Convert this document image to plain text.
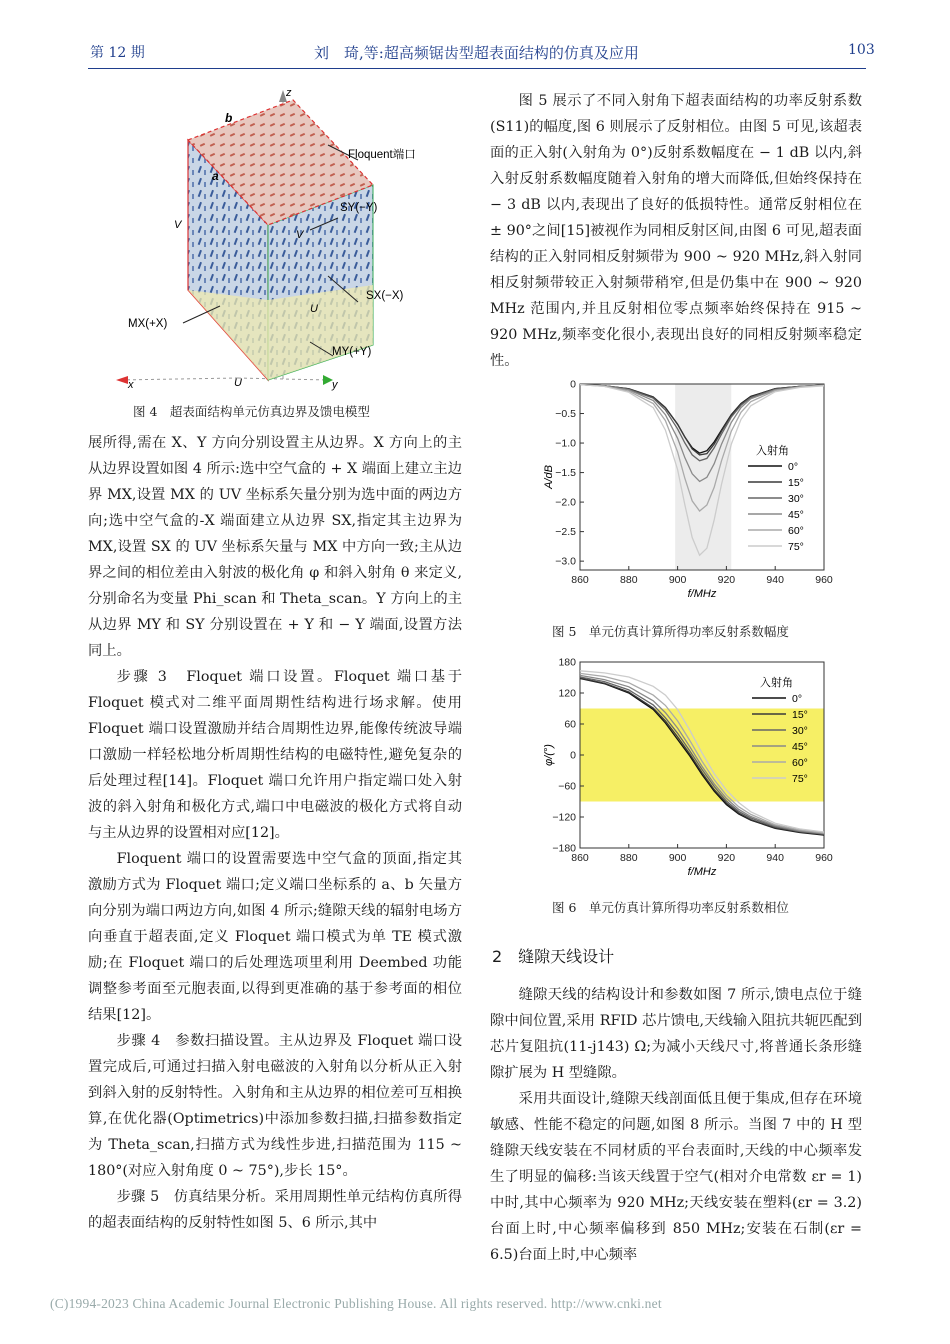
第 12 期	刘　琦,等:超高频锯齿型超表面结构的仿真及应用	103
z
b
a
Floquent端口
V
V
SY(−Y)
SX(−X)
MX(+X)
MY(+Y)
U
U
x	y
图 4　超表面结构单元仿真边界及馈电模型

展所得,需在 X、Y 方向分别设置主从边界。X 方向上的主从边界设置如图 4 所示:选中空气盒的 + X 端面上建立主边界 MX,设置 MX 的 UV 坐标系矢量分别为选中面的两边方向;选中空气盒的-X 端面建立从边界 SX,指定其主边界为 MX,设置 SX 的 UV 坐标系矢量与 MX 中方向一致;主从边界之间的相位差由入射波的极化角 φ 和斜入射角 θ 来定义,分别命名为变量 Phi_scan 和 Theta_scan。Y 方向上的主从边界 MY 和 SY 分别设置在 + Y 和 − Y 端面,设置方法同上。

步骤 3　Floquet 端口设置。Floquet 端口基于 Floquet 模式对二维平面周期性结构进行场求解。使用 Floquet 端口设置激励并结合周期性边界,能像传统波导端口激励一样轻松地分析周期性结构的电磁特性,避免复杂的后处理过程[14]。Floquet 端口允许用户指定端口处入射波的斜入射角和极化方式,端口中电磁波的极化方式将自动与主从边界的设置相对应[12]。

Floquent 端口的设置需要选中空气盒的顶面,指定其激励方式为 Floquet 端口;定义端口坐标系的 a、b 矢量方向分别为端口两边方向,如图 4 所示;缝隙天线的辐射电场方向垂直于超表面,定义 Floquet 端口模式为单 TE 模式激励;在 Floquet 端口的后处理选项里利用 Deembed 功能调整参考面至元胞表面,以得到更准确的基于参考面的相位结果[12]。

步骤 4　参数扫描设置。主从边界及 Floquet 端口设置完成后,可通过扫描入射电磁波的入射角以分析从正入射到斜入射的反射特性。入射角和主从边界的相位差可互相换算,在优化器(Optimetrics)中添加参数扫描,扫描参数指定为 Theta_scan,扫描方式为线性步进,扫描范围为 115 ~ 180°(对应入射角度 0 ~ 75°),步长 15°。

步骤 5　仿真结果分析。采用周期性单元结构仿真所得的超表面结构的反射特性如图 5、6 所示,其中

图 5 展示了不同入射角下超表面结构的功率反射系数(S11)的幅度,图 6 则展示了反射相位。由图 5 可见,该超表面的正入射(入射角为 0°)反射系数幅度在 − 1 dB 以内,斜入射反射系数幅度随着入射角的增大而降低,但始终保持在 − 3 dB 以内,表现出了良好的低损特性。通常反射相位在 ± 90°之间[15]被视作为同相反射区间,由图 6 可见,超表面结构的正入射同相反射频带为 900 ~ 920 MHz,斜入射同相反射频带较正入射频带稍窄,但是仍集中在 900 ~ 920 MHz 范围内,并且反射相位零点频率始终保持在 915 ~ 920 MHz,频率变化很小,表现出良好的同相反射频率稳定性。

860	880	900	920	940	960
0
−0.5
−1.0
−1.5
−2.0
−2.5
−3.0
f/MHz
A/dB
入射角
0°
15°
30°
45°
60°
75°
图 5　单元仿真计算所得功率反射系数幅度
860	880	900	920	940	960
180
120
60
0
−60
−120
−180
f/MHz
φ/(°)
入射角
0°
15°
30°
45°
60°
75°
图 6　单元仿真计算所得功率反射系数相位
2　缝隙天线设计

缝隙天线的结构设计和参数如图 7 所示,馈电点位于缝隙中间位置,采用 RFID 芯片馈电,天线输入阻抗共轭匹配到芯片复阻抗(11-j143) Ω;为减小天线尺寸,将普通长条形缝隙扩展为 H 型缝隙。

采用共面设计,缝隙天线剖面低且便于集成,但存在环境敏感、性能不稳定的问题,如图 8 所示。当图 7 中的 H 型缝隙天线安装在不同材质的平台表面时,天线的中心频率发生了明显的偏移:当该天线置于空气(相对介电常数 εr = 1)中时,其中心频率为 920 MHz;天线安装在塑料(εr = 3.2)台面上时,中心频率偏移到 850 MHz;安装在石制(εr = 6.5)台面上时,中心频率

(C)1994-2023 China Academic Journal Electronic Publishing House. All rights reserved. http://www.cnki.net
